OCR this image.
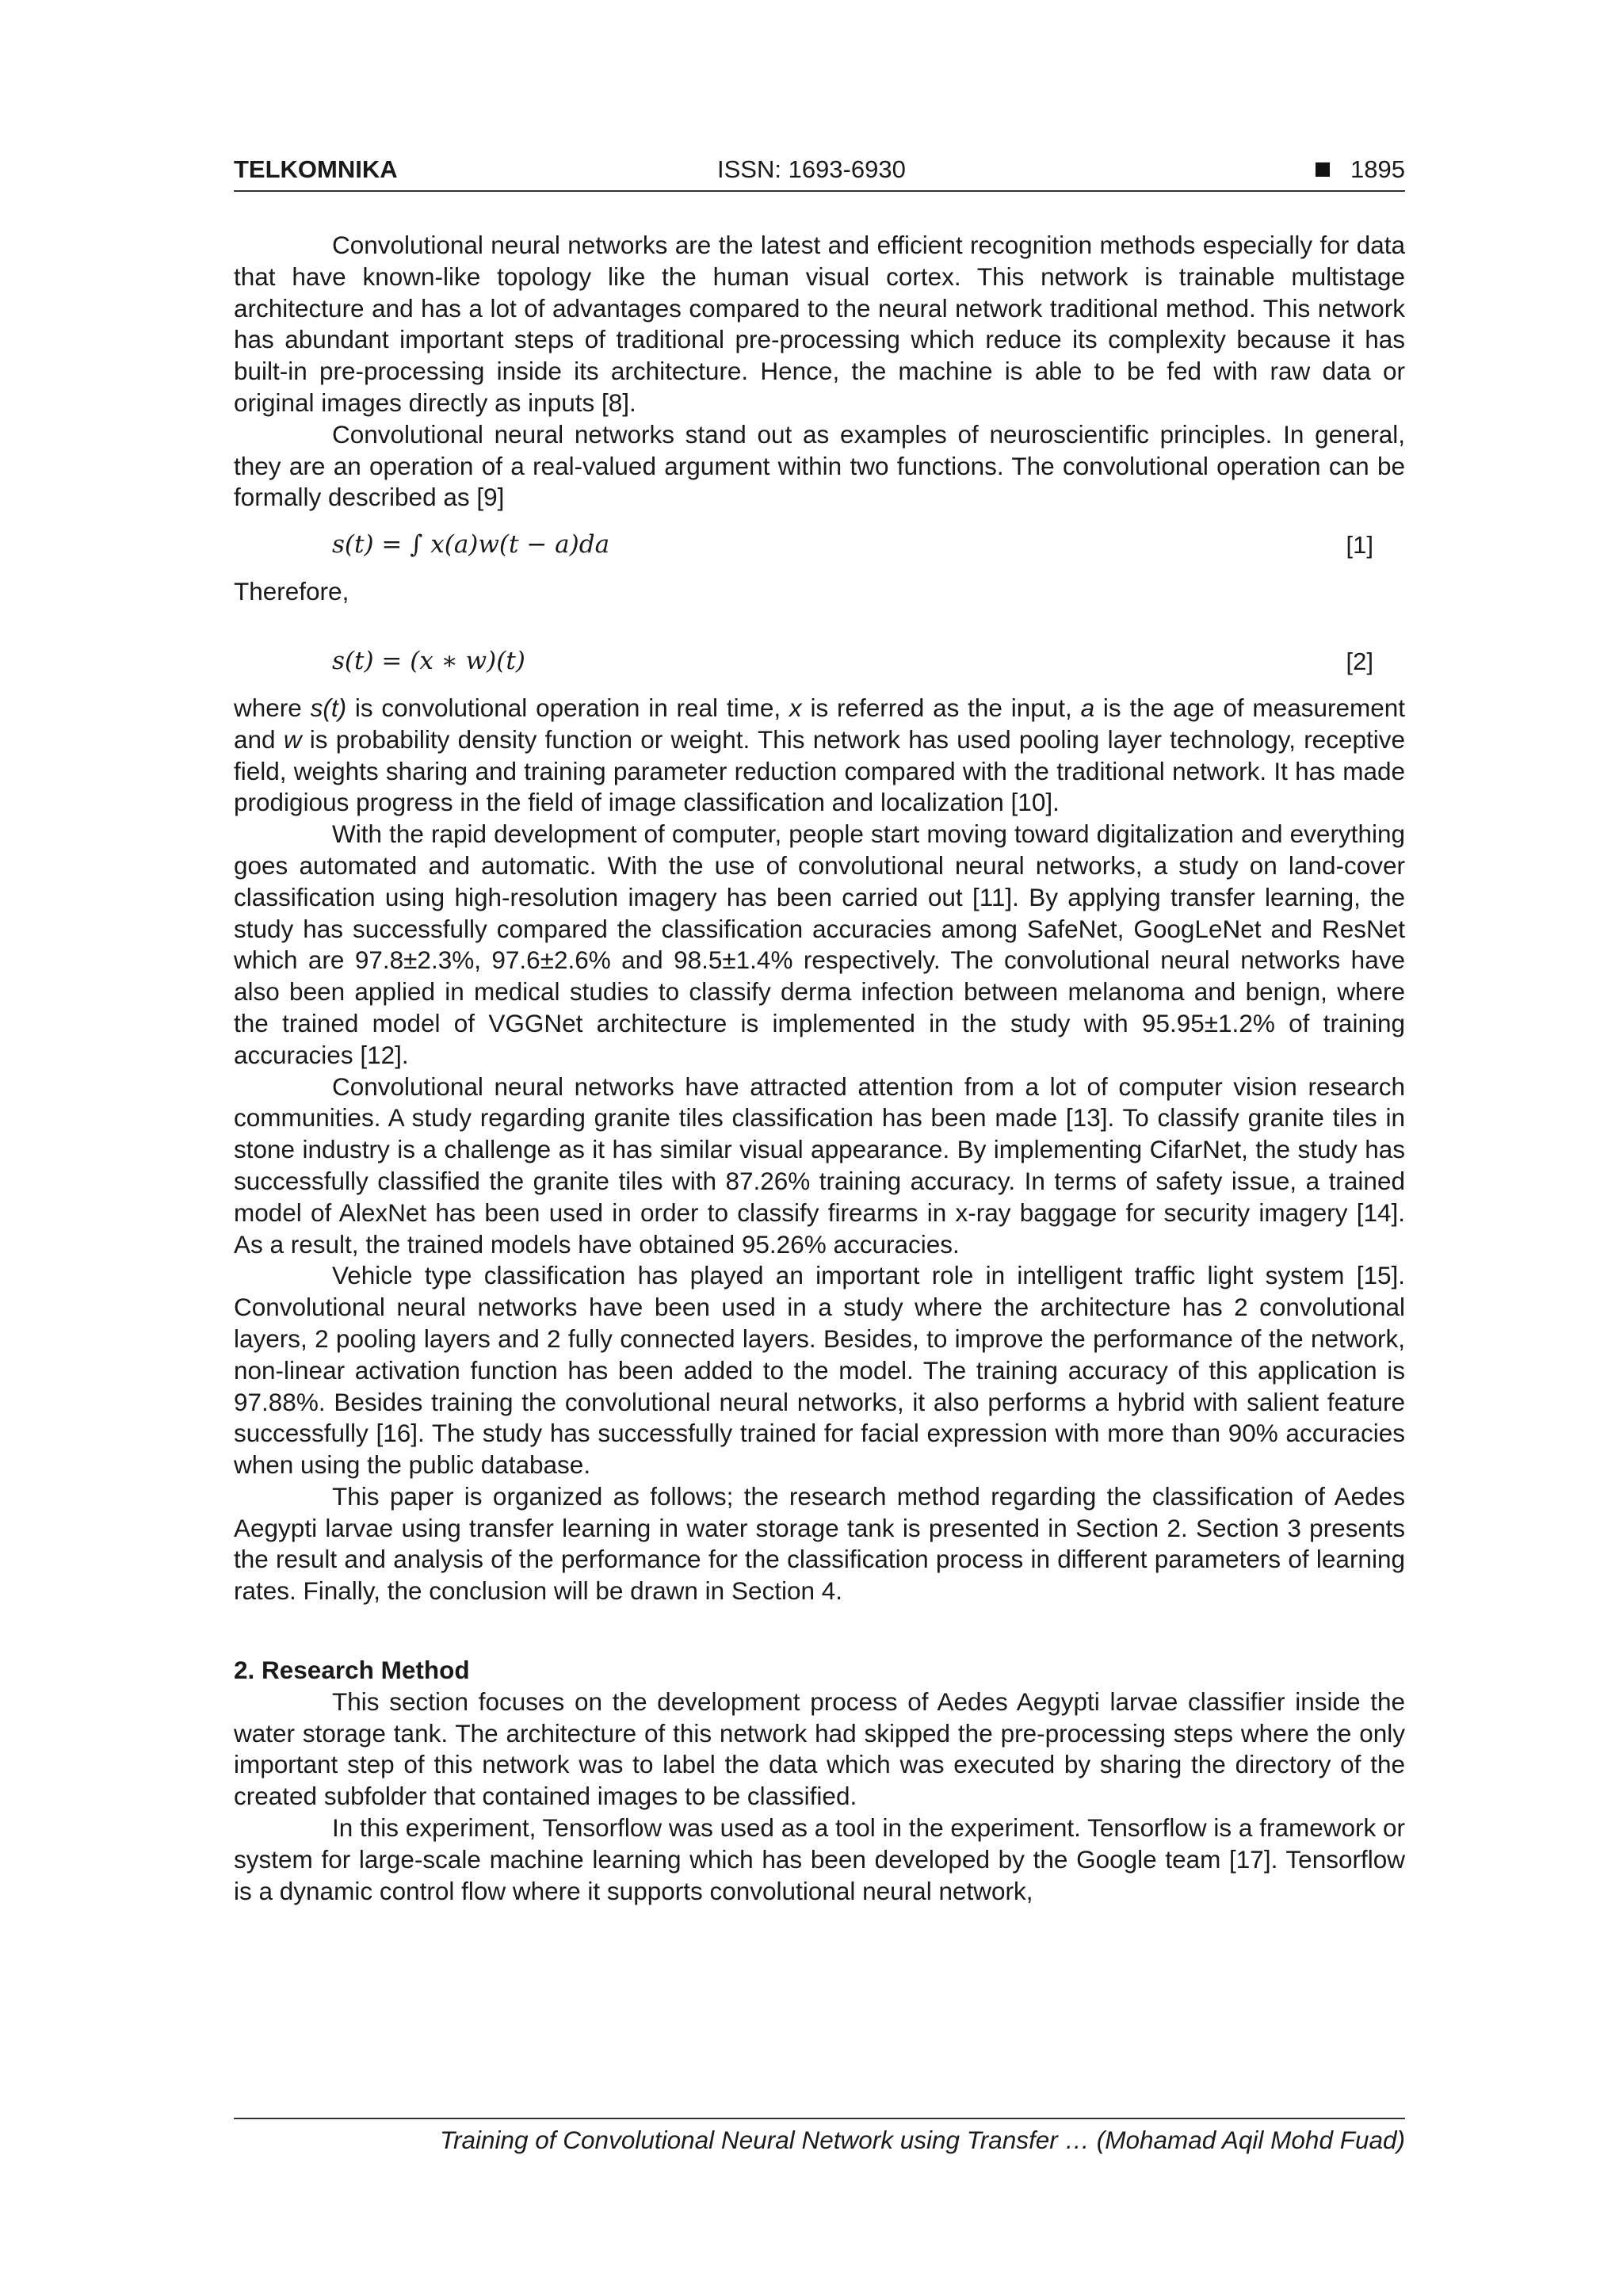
TELKOMNIKA	ISSN: 1693-6930	1895

Convolutional neural networks are the latest and efficient recognition methods especially for data that have known-like topology like the human visual cortex. This network is trainable multistage architecture and has a lot of advantages compared to the neural network traditional method. This network has abundant important steps of traditional pre-processing which reduce its complexity because it has built-in pre-processing inside its architecture. Hence, the machine is able to be fed with raw data or original images directly as inputs [8].

Convolutional neural networks stand out as examples of neuroscientific principles. In general, they are an operation of a real-valued argument within two functions. The convolutional operation can be formally described as [9]

s(t) = ∫ x(a)w(t − a)da	[1]

Therefore,

s(t) = (x ∗ w)(t)	[2]

where s(t) is convolutional operation in real time, x is referred as the input, a is the age of measurement and w is probability density function or weight. This network has used pooling layer technology, receptive field, weights sharing and training parameter reduction compared with the traditional network. It has made prodigious progress in the field of image classification and localization [10].

With the rapid development of computer, people start moving toward digitalization and everything goes automated and automatic. With the use of convolutional neural networks, a study on land-cover classification using high-resolution imagery has been carried out [11]. By applying transfer learning, the study has successfully compared the classification accuracies among SafeNet, GoogLeNet and ResNet which are 97.8±2.3%, 97.6±2.6% and 98.5±1.4% respectively. The convolutional neural networks have also been applied in medical studies to classify derma infection between melanoma and benign, where the trained model of VGGNet architecture is implemented in the study with 95.95±1.2% of training accuracies [12].

Convolutional neural networks have attracted attention from a lot of computer vision research communities. A study regarding granite tiles classification has been made [13]. To classify granite tiles in stone industry is a challenge as it has similar visual appearance. By implementing CifarNet, the study has successfully classified the granite tiles with 87.26% training accuracy. In terms of safety issue, a trained model of AlexNet has been used in order to classify firearms in x-ray baggage for security imagery [14]. As a result, the trained models have obtained 95.26% accuracies.

Vehicle type classification has played an important role in intelligent traffic light system [15]. Convolutional neural networks have been used in a study where the architecture has 2 convolutional layers, 2 pooling layers and 2 fully connected layers. Besides, to improve the performance of the network, non-linear activation function has been added to the model. The training accuracy of this application is 97.88%. Besides training the convolutional neural networks, it also performs a hybrid with salient feature successfully [16]. The study has successfully trained for facial expression with more than 90% accuracies when using the public database.

This paper is organized as follows; the research method regarding the classification of Aedes Aegypti larvae using transfer learning in water storage tank is presented in Section 2. Section 3 presents the result and analysis of the performance for the classification process in different parameters of learning rates. Finally, the conclusion will be drawn in Section 4.

2. Research Method

This section focuses on the development process of Aedes Aegypti larvae classifier inside the water storage tank. The architecture of this network had skipped the pre-processing steps where the only important step of this network was to label the data which was executed by sharing the directory of the created subfolder that contained images to be classified.

In this experiment, Tensorflow was used as a tool in the experiment. Tensorflow is a framework or system for large-scale machine learning which has been developed by the Google team [17]. Tensorflow is a dynamic control flow where it supports convolutional neural network,

Training of Convolutional Neural Network using Transfer … (Mohamad Aqil Mohd Fuad)
